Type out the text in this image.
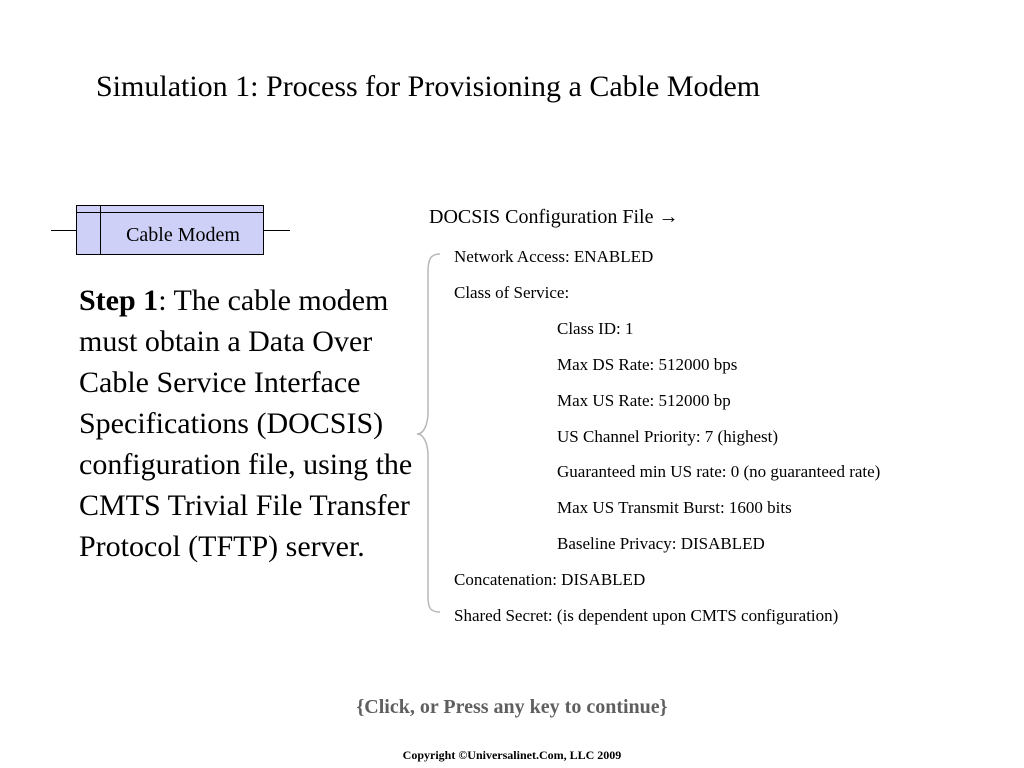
Simulation 1: Process for Provisioning a Cable Modem
Cable Modem

Step 1: The cable modem must obtain a Data Over Cable Service Interface Specifications (DOCSIS) configuration file, using the CMTS Trivial File Transfer Protocol (TFTP) server.

DOCSIS Configuration File →

Network Access: ENABLED

Class of Service:

Class ID: 1

Max DS Rate: 512000 bps

Max US Rate: 512000 bp

US Channel Priority: 7 (highest)

Guaranteed min US rate: 0 (no guaranteed rate)

Max US Transmit Burst: 1600 bits

Baseline Privacy: DISABLED

Concatenation: DISABLED

Shared Secret: (is dependent upon CMTS configuration)

{Click, or Press any key to continue}
Copyright ©Universalinet.Com, LLC 2009
